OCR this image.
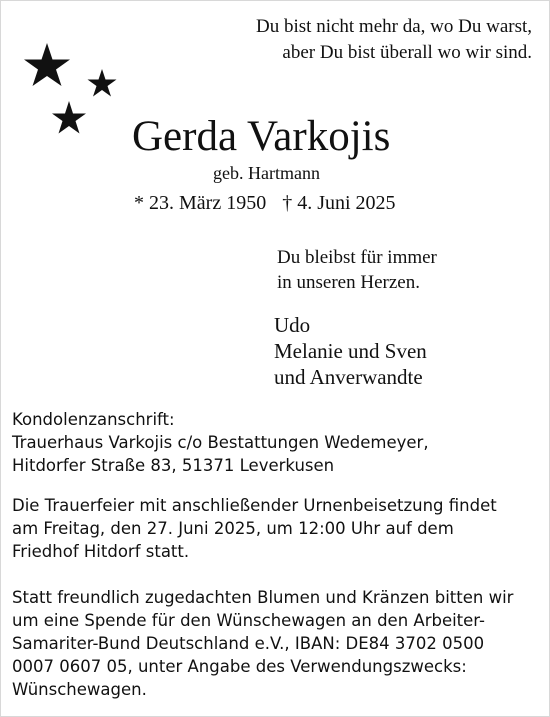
Du bist nicht mehr da, wo Du warst,
aber Du bist überall wo wir sind.
Gerda Varkojis
geb. Hartmann
* 23. März 1950 † 4. Juni 2025
Du bleibst für immer
in unseren Herzen.
Udo
Melanie und Sven
und Anverwandte
Kondolenzanschrift:
Trauerhaus Varkojis c/o Bestattungen Wedemeyer,
Hitdorfer Straße 83, 51371 Leverkusen
Die Trauerfeier mit anschließender Urnenbeisetzung findet
am Freitag, den 27. Juni 2025, um 12:00 Uhr auf dem
Friedhof Hitdorf statt.
Statt freundlich zugedachten Blumen und Kränzen bitten wir
um eine Spende für den Wünschewagen an den Arbeiter-
Samariter-Bund Deutschland e.V., IBAN: DE84 3702 0500
0007 0607 05, unter Angabe des Verwendungszwecks:
Wünschewagen.
